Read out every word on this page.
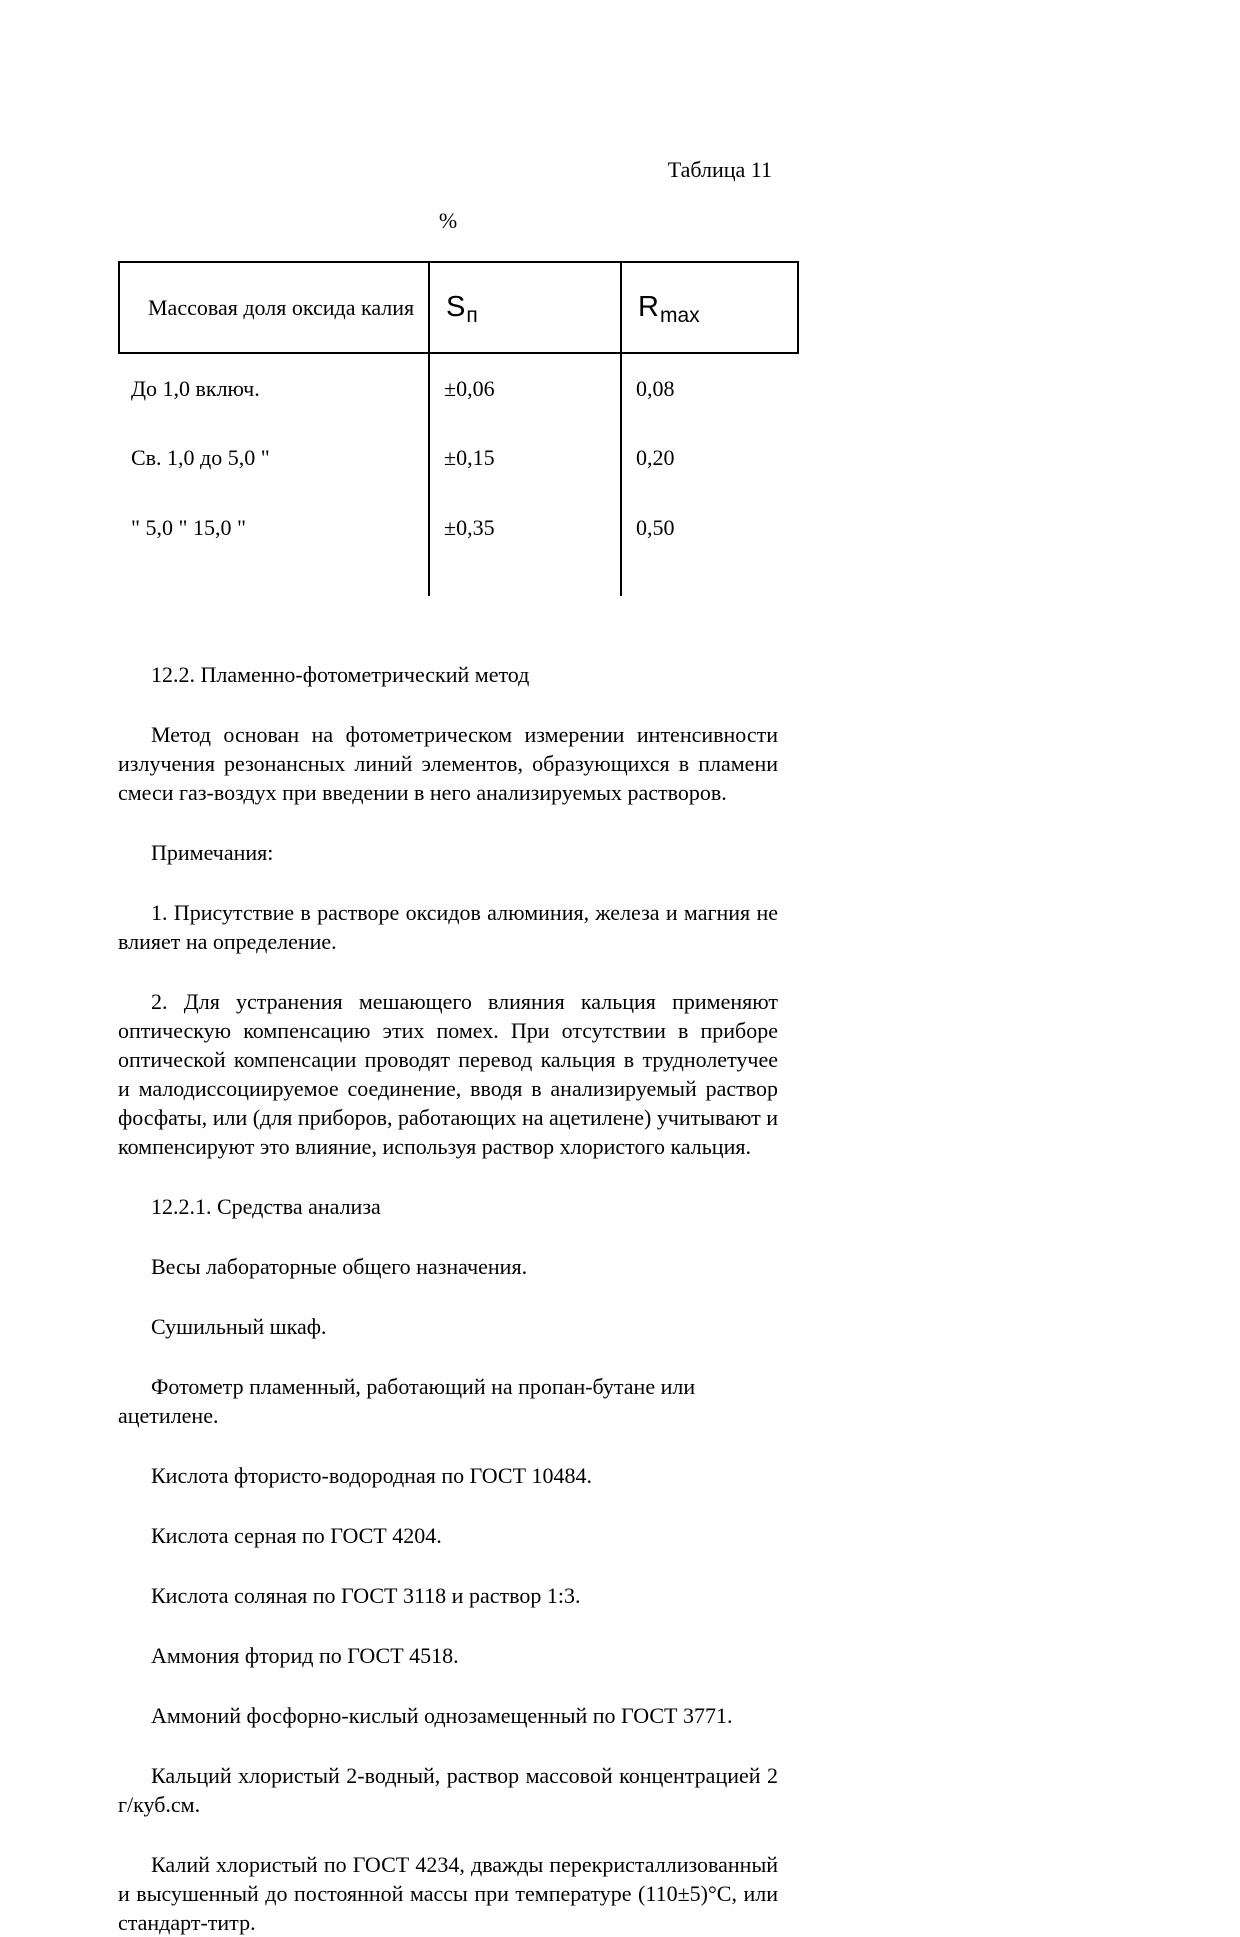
Таблица 11
%
Массовая доля оксида калия	$S_п$	$R_{max}$
До 1,0 включ.	±0,06	0,08
Св. 1,0 до 5,0 "	±0,15	0,20
" 5,0 " 15,0 "	±0,35	0,50

12.2. Пламенно-фотометрический метод

Метод основан на фотометрическом измерении интенсивности излучения резонансных линий элементов, образующихся в пламени смеси газ-воздух при введении в него анализируемых растворов.

Примечания:

1. Присутствие в растворе оксидов алюминия, железа и магния не влияет на определение.

2. Для устранения мешающего влияния кальция применяют оптическую компенсацию этих помех. При отсутствии в приборе оптической компенсации проводят перевод кальция в труднолетучее и малодиссоциируемое соединение, вводя в анализируемый раствор фосфаты, или (для приборов, работающих на ацетилене) учитывают и компенсируют это влияние, используя раствор хлористого кальция.

12.2.1. Средства анализа

Весы лабораторные общего назначения.

Сушильный шкаф.

Фотометр пламенный, работающий на пропан-бутане или ацетилене.

Кислота фтористо-водородная по ГОСТ 10484.

Кислота серная по ГОСТ 4204.

Кислота соляная по ГОСТ 3118 и раствор 1:3.

Аммония фторид по ГОСТ 4518.

Аммоний фосфорно-кислый однозамещенный по ГОСТ 3771.

Кальций хлористый 2-водный, раствор массовой концентрацией 2 г/куб.см.

Калий хлористый по ГОСТ 4234, дважды перекристаллизованный и высушенный до постоянной массы при температуре (110±5)°С, или стандарт-титр.
